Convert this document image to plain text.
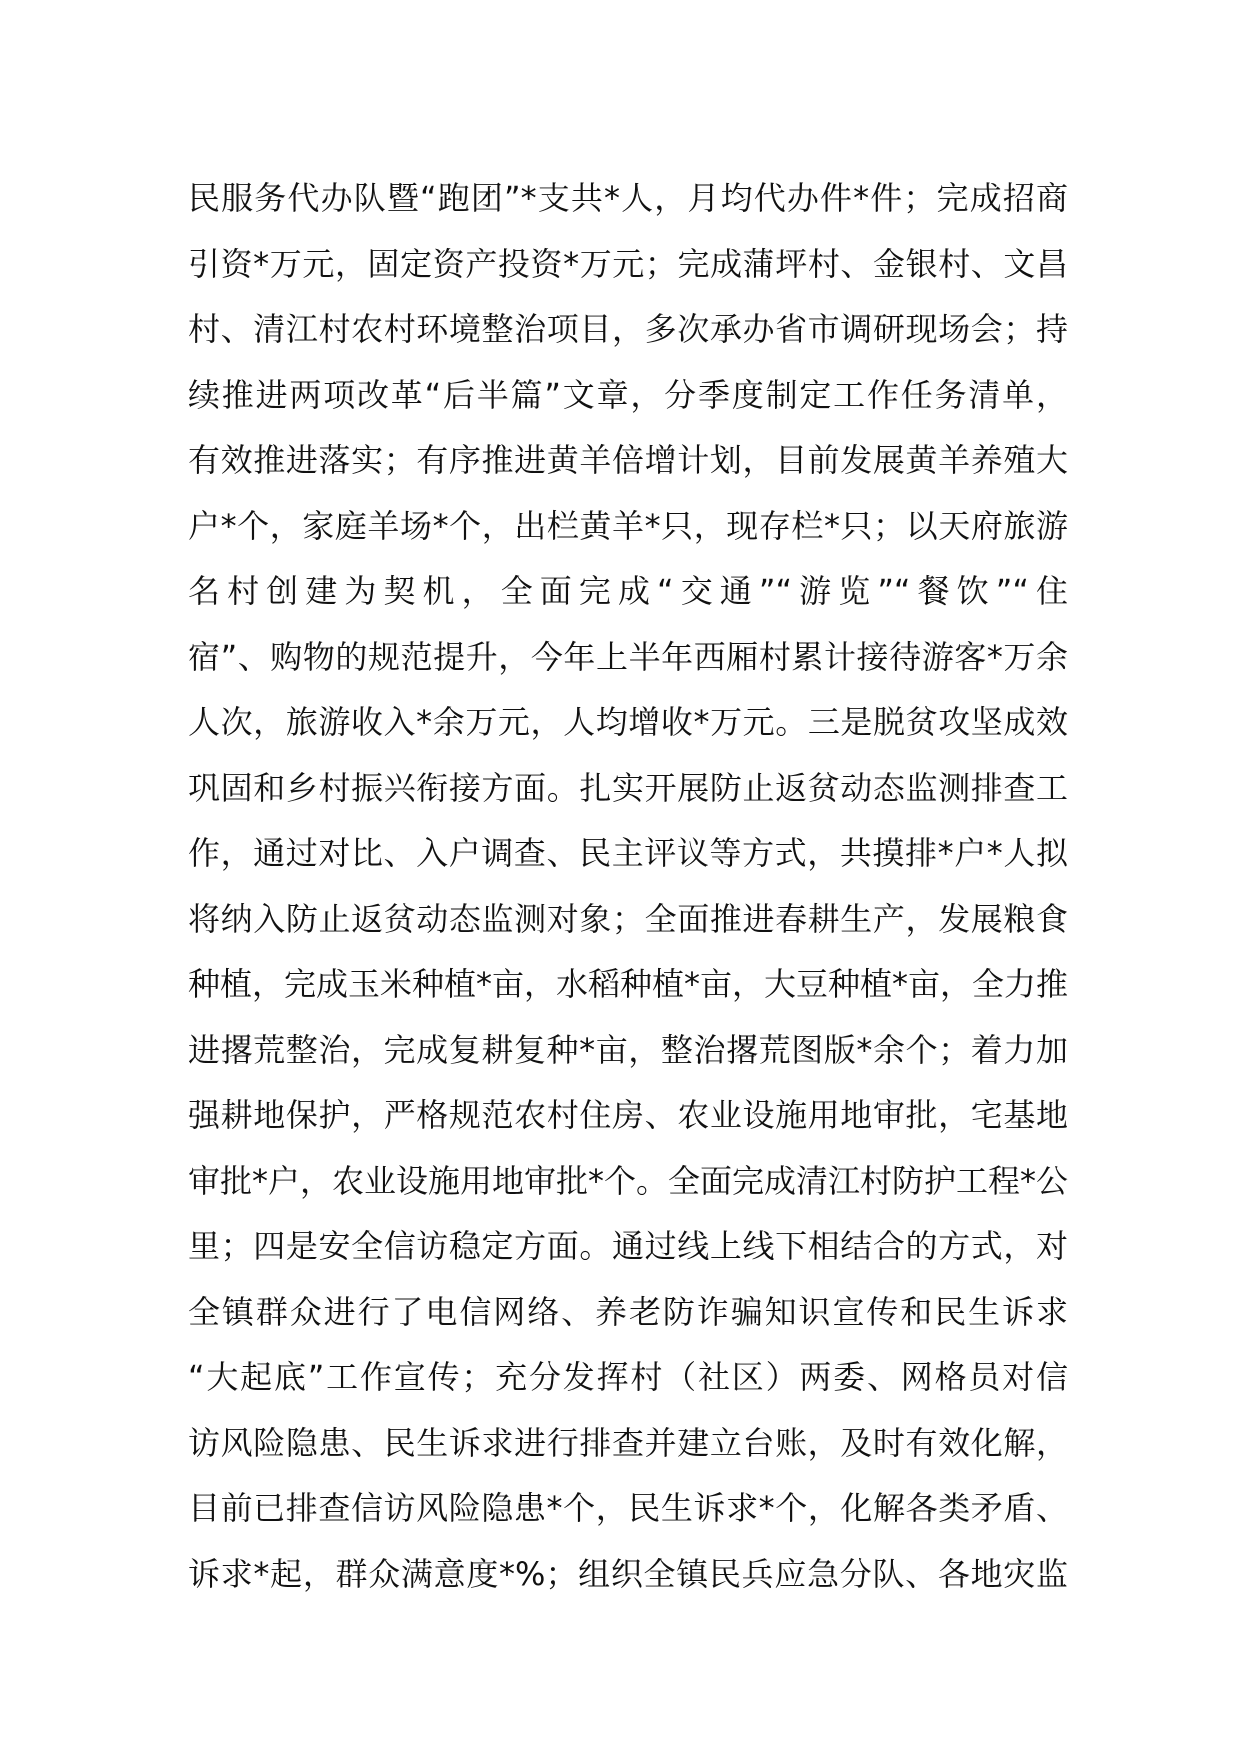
民服务代办队暨“跑团”*支共*人，月均代办件*件；完成招商
引资*万元，固定资产投资*万元；完成蒲坪村、金银村、文昌
村、清江村农村环境整治项目，多次承办省市调研现场会；持
续推进两项改革“后半篇”文章，分季度制定工作任务清单，
有效推进落实；有序推进黄羊倍增计划，目前发展黄羊养殖大
户*个，家庭羊场*个，出栏黄羊*只，现存栏*只；以天府旅游
名村创建为契机，全面完成“交通”“游览”“餐饮”“住
宿”、购物的规范提升，今年上半年西厢村累计接待游客*万余
人次，旅游收入*余万元，人均增收*万元。三是脱贫攻坚成效
巩固和乡村振兴衔接方面。扎实开展防止返贫动态监测排查工
作，通过对比、入户调查、民主评议等方式，共摸排*户*人拟
将纳入防止返贫动态监测对象；全面推进春耕生产，发展粮食
种植，完成玉米种植*亩，水稻种植*亩，大豆种植*亩，全力推
进撂荒整治，完成复耕复种*亩，整治撂荒图版*余个；着力加
强耕地保护，严格规范农村住房、农业设施用地审批，宅基地
审批*户，农业设施用地审批*个。全面完成清江村防护工程*公
里；四是安全信访稳定方面。通过线上线下相结合的方式，对
全镇群众进行了电信网络、养老防诈骗知识宣传和民生诉求
“大起底”工作宣传；充分发挥村（社区）两委、网格员对信
访风险隐患、民生诉求进行排查并建立台账，及时有效化解，
目前已排查信访风险隐患*个，民生诉求*个，化解各类矛盾、
诉求*起，群众满意度*%；组织全镇民兵应急分队、各地灾监
